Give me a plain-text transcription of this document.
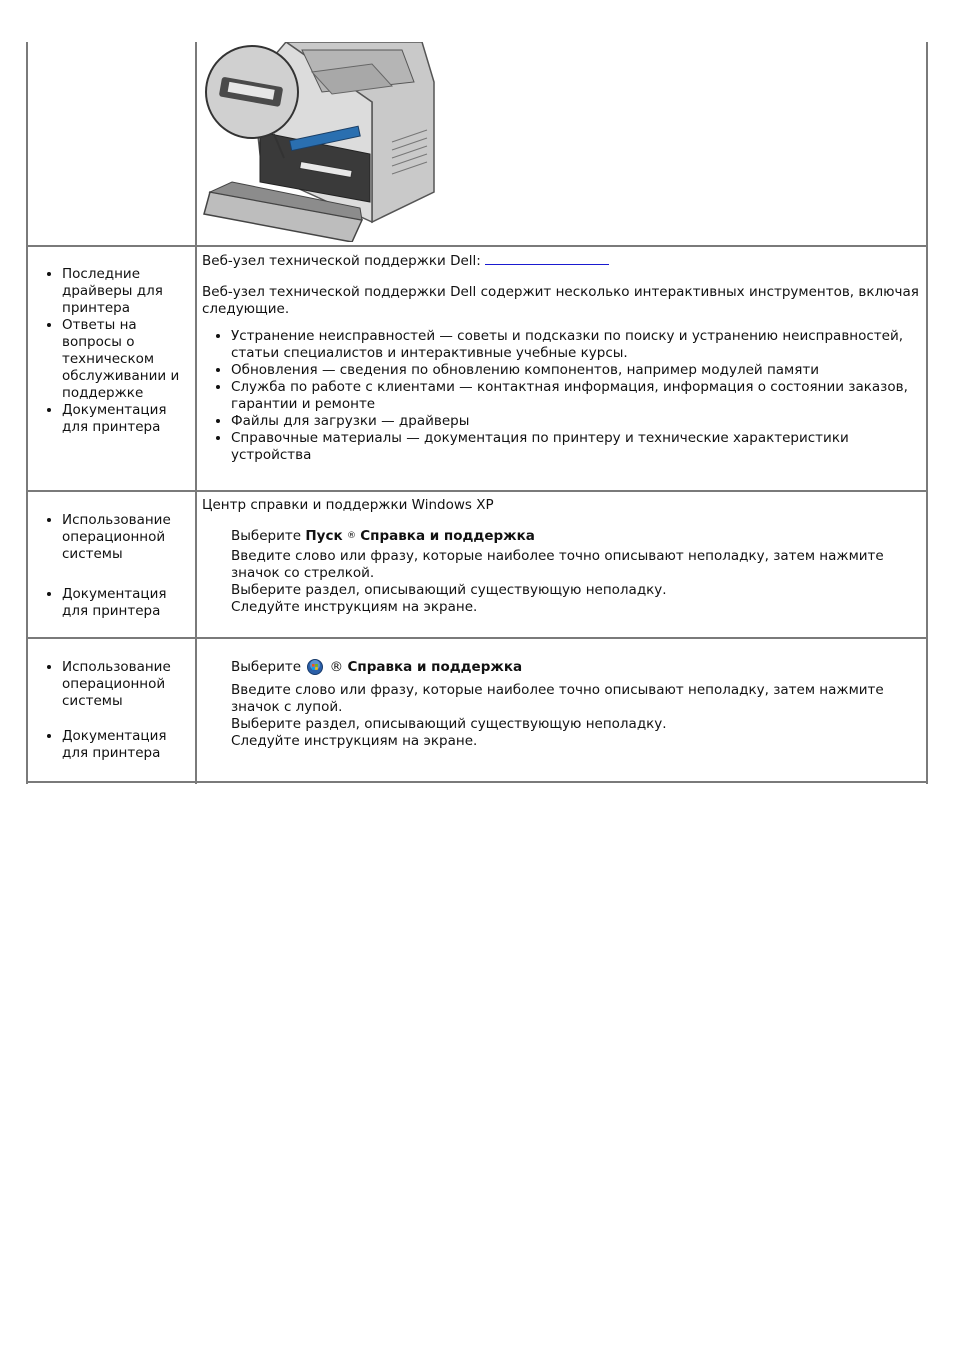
• Последние драйверы для принтера
• Ответы на вопросы о техническом обслуживании и поддержке
• Документация для принтера
Веб-узел технической поддержки Dell:
Веб-узел технической поддержки Dell содержит несколько интерактивных инструментов, включая следующие.
• Устранение неисправностей — советы и подсказки по поиску и устранению неисправностей, статьи специалистов и интерактивные учебные курсы.
• Обновления — сведения по обновлению компонентов, например модулей памяти
• Служба по работе с клиентами — контактная информация, информация о состоянии заказов, гарантии и ремонте
• Файлы для загрузки — драйверы
• Справочные материалы — документация по принтеру и технические характеристики устройства
• Использование операционной системы
• Документация для принтера
Центр справки и поддержки Windows XP
Выберите Пуск ® Справка и поддержка
Введите слово или фразу, которые наиболее точно описывают неполадку, затем нажмите значок со стрелкой.
Выберите раздел, описывающий существующую неполадку.
Следуйте инструкциям на экране.
• Использование операционной системы
• Документация для принтера
Выберите ® Справка и поддержка
Введите слово или фразу, которые наиболее точно описывают неполадку, затем нажмите значок с лупой.
Выберите раздел, описывающий существующую неполадку.
Следуйте инструкциям на экране.
